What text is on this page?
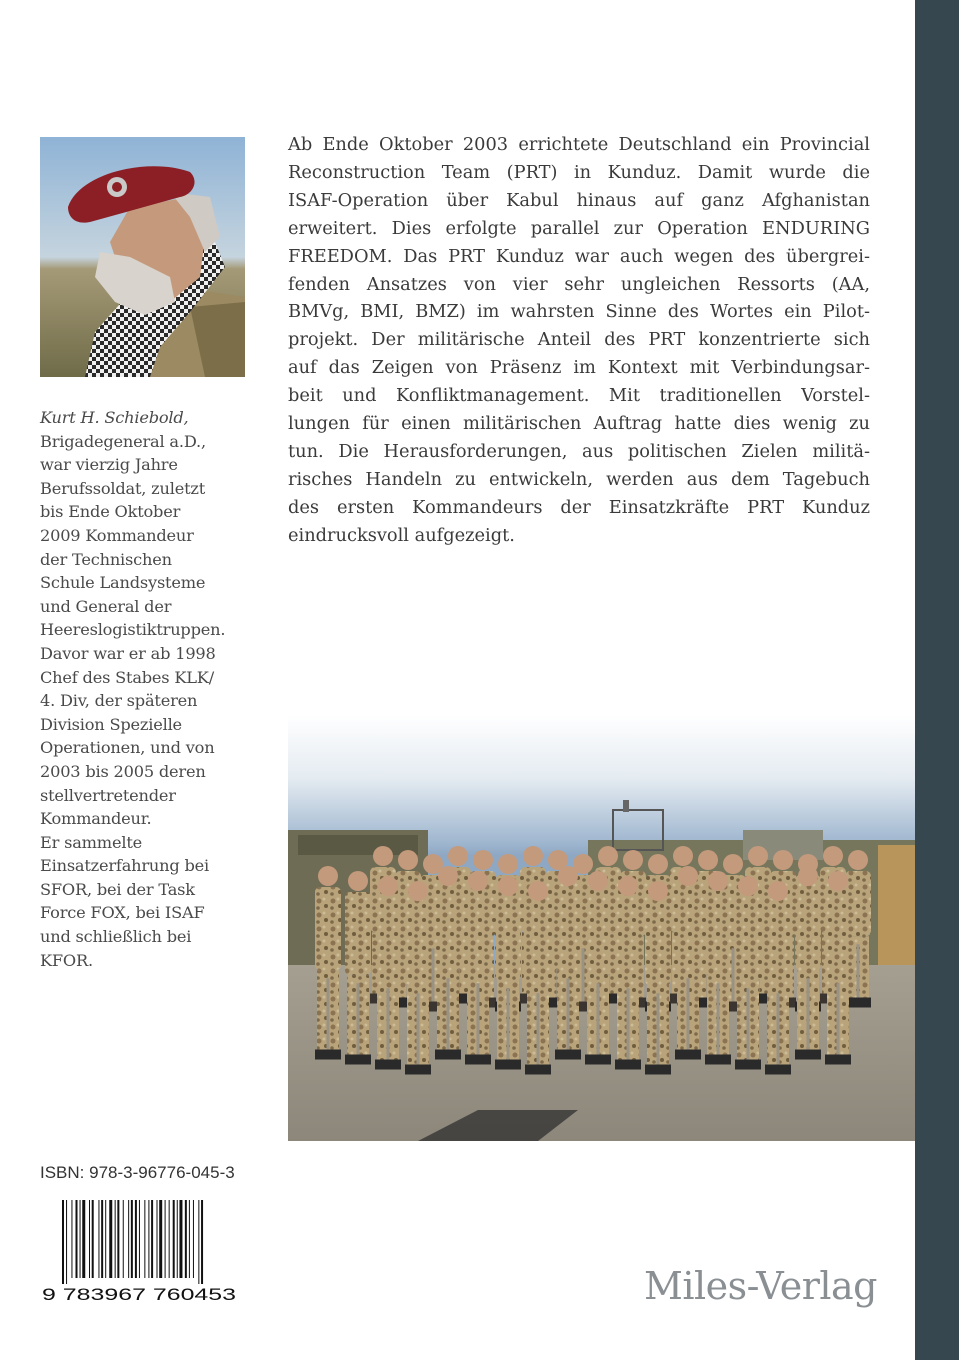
Kurt H. Schiebold,
Brigadegeneral a.D.,
war vierzig Jahre
Berufssoldat, zuletzt
bis Ende Oktober
2009 Kommandeur
der Technischen
Schule Landsysteme
und General der
Heereslogistiktruppen.
Davor war er ab 1998
Chef des Stabes KLK/
4. Div, der späteren
Division Spezielle
Operationen, und von
2003 bis 2005 deren
stellvertretender
Kommandeur.
Er sammelte
Einsatzerfahrung bei
SFOR, bei der Task
Force FOX, bei ISAF
und schließlich bei
KFOR.
Ab Ende Oktober 2003 errichtete Deutschland ein Provincial
Reconstruction Team (PRT) in Kunduz. Damit wurde die
ISAF-Operation über Kabul hinaus auf ganz Afghanistan
erweitert. Dies erfolgte parallel zur Operation ENDURING
FREEDOM. Das PRT Kunduz war auch wegen des übergrei-
fenden Ansatzes von vier sehr ungleichen Ressorts (AA,
BMVg, BMI, BMZ) im wahrsten Sinne des Wortes ein Pilot-
projekt. Der militärische Anteil des PRT konzentrierte sich
auf das Zeigen von Präsenz im Kontext mit Verbindungsar-
beit und Konfliktmanagement. Mit traditionellen Vorstel-
lungen für einen militärischen Auftrag hatte dies wenig zu
tun. Die Herausforderungen, aus politischen Zielen militä-
risches Handeln zu entwickeln, werden aus dem Tagebuch
des ersten Kommandeurs der Einsatzkräfte PRT Kunduz
eindrucksvoll aufgezeigt.
ISBN: 978-3-96776-045-3
9 783967 760453	Miles-Verlag
